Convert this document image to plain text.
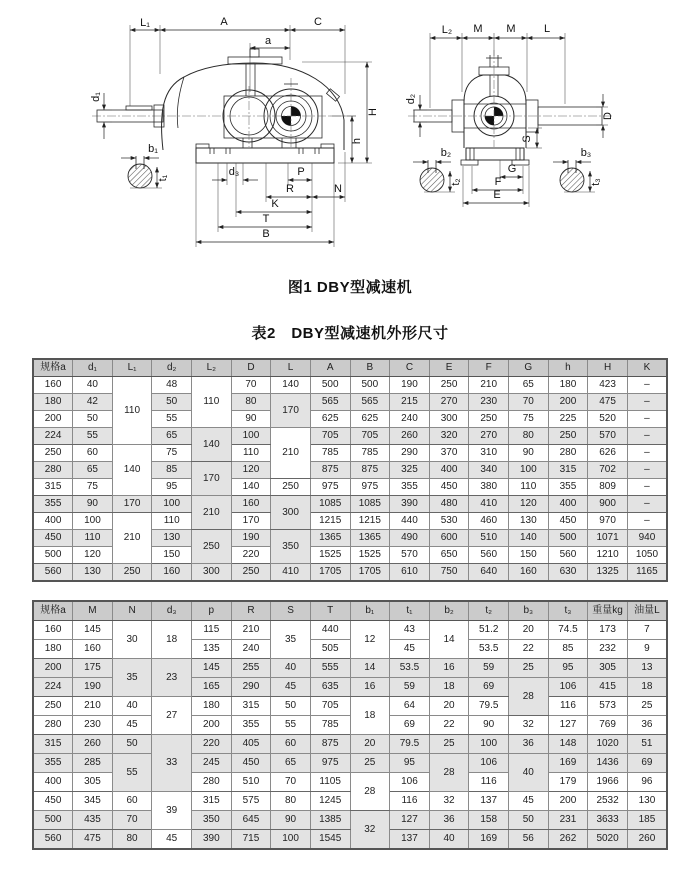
L₁	A	C
a
d₁
H
h
d₃	P
R	N
K
T
B
b₁
t₁
L₂ M M	L
d₂
D
S
G
F
E
b₂
t₂
b₃
t₃
图1 DBY型减速机
表2　DBY型减速机外形尺寸
规格a	d₁	L₁	d₂	L₂	D	L	A	B	C	E	F	G	h	H	K
160	40	110	48	110	70	140	500	500	190	250	210	65	180	423	–
180	42		50		80	170	565	565	215	270	230	70	200	475	–
200	50		55		90		625	625	240	300	250	75	225	520	–
224	55		65	140	100	210	705	705	260	320	270	80	250	570	–
250	60	140	75		110		785	785	290	370	310	90	280	626	–
280	65		85	170	120		875	875	325	400	340	100	315	702	–
315	75		95		140	250	975	975	355	450	380	110	355	809	–
355	90	170	100	210	160	300	1085	1085	390	480	410	120	400	900	–
400	100	210	110		170		1215	1215	440	530	460	130	450	970	–
450	110		130	250	190	350	1365	1365	490	600	510	140	500	1071	940
500	120		150		220		1525	1525	570	650	560	150	560	1210	1050
560	130	250	160	300	250	410	1705	1705	610	750	640	160	630	1325	1165
规格a	M	N	d₃	p	R	S	T	b₁	t₁	b₂	t₂	b₃	t₃	重量kg	油量L
160	145	30	18	115	210	35	440	12	43	14	51.2	20	74.5	173	7
180	160			135	240		505		45		53.5	22	85	232	9
200	175	35	23	145	255	40	555	14	53.5	16	59	25	95	305	13
224	190			165	290	45	635	16	59	18	69	28	106	415	18
250	210	40	27	180	315	50	705	18	64	20	79.5		116	573	25
280	230	45		200	355	55	785		69	22	90	32	127	769	36
315	260	50	33	220	405	60	875	20	79.5	25	100	36	148	1020	51
355	285	55		245	450	65	975	25	95	28	106	40	169	1436	69
400	305			280	510	70	1105	28	106		116		179	1966	96
450	345	60	39	315	575	80	1245		116	32	137	45	200	2532	130
500	435	70		350	645	90	1385	32	127	36	158	50	231	3633	185
560	475	80	45	390	715	100	1545		137	40	169	56	262	5020	260
